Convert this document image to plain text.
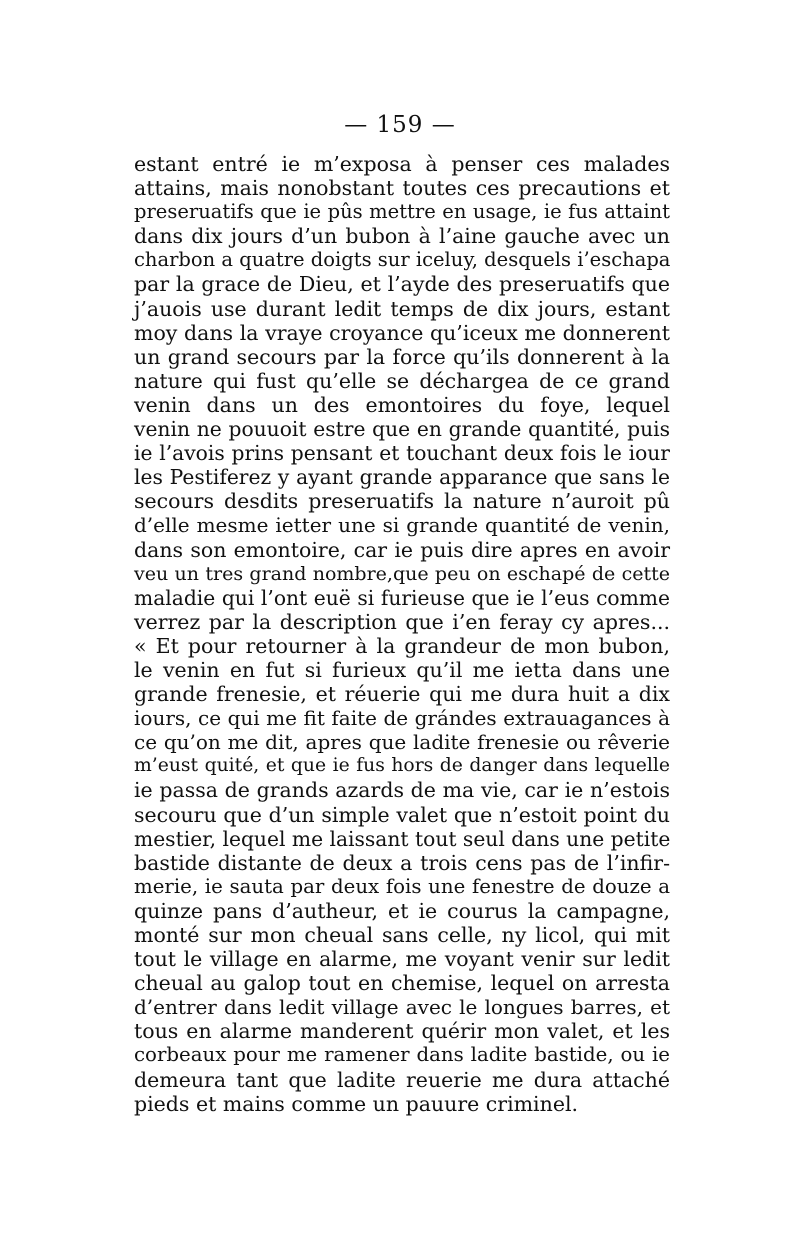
— 159 —
estant entré ie m’exposa à penser ces malades
attains, mais nonobstant toutes ces precautions et
preseruatifs que ie pûs mettre en usage, ie fus attaint
dans dix jours d’un bubon à l’aine gauche avec un
charbon a quatre doigts sur iceluy, desquels i’eschapa
par la grace de Dieu, et l’ayde des preseruatifs que
j’auois use durant ledit temps de dix jours, estant
moy dans la vraye croyance qu’iceux me donnerent
un grand secours par la force qu’ils donnerent à la
nature qui fust qu’elle se déchargea de ce grand
venin dans un des emontoires du foye, lequel
venin ne pouuoit estre que en grande quantité, puis
ie l’avois prins pensant et touchant deux fois le iour
les Pestiferez y ayant grande apparance que sans le
secours desdits preseruatifs la nature n’auroit pû
d’elle mesme ietter une si grande quantité de venin,
dans son emontoire, car ie puis dire apres en avoir
veu un tres grand nombre,que peu on eschapé de cette
maladie qui l’ont euë si furieuse que ie l’eus comme
verrez par la description que i’en feray cy apres...
« Et pour retourner à la grandeur de mon bubon,
le venin en fut si furieux qu’il me ietta dans une
grande frenesie, et réuerie qui me dura huit a dix
iours, ce qui me fit faite de grándes extrauagances à
ce qu’on me dit, apres que ladite frenesie ou rêverie
m’eust quité, et que ie fus hors de danger dans lequelle
ie passa de grands azards de ma vie, car ie n’estois
secouru que d’un simple valet que n’estoit point du
mestier, lequel me laissant tout seul dans une petite
bastide distante de deux a trois cens pas de l’infir-
merie, ie sauta par deux fois une fenestre de douze a
quinze pans d’autheur, et ie courus la campagne,
monté sur mon cheual sans celle, ny licol, qui mit
tout le village en alarme, me voyant venir sur ledit
cheual au galop tout en chemise, lequel on arresta
d’entrer dans ledit village avec le longues barres, et
tous en alarme manderent quérir mon valet, et les
corbeaux pour me ramener dans ladite bastide, ou ie
demeura tant que ladite reuerie me dura attaché
pieds et mains comme un pauure criminel.
